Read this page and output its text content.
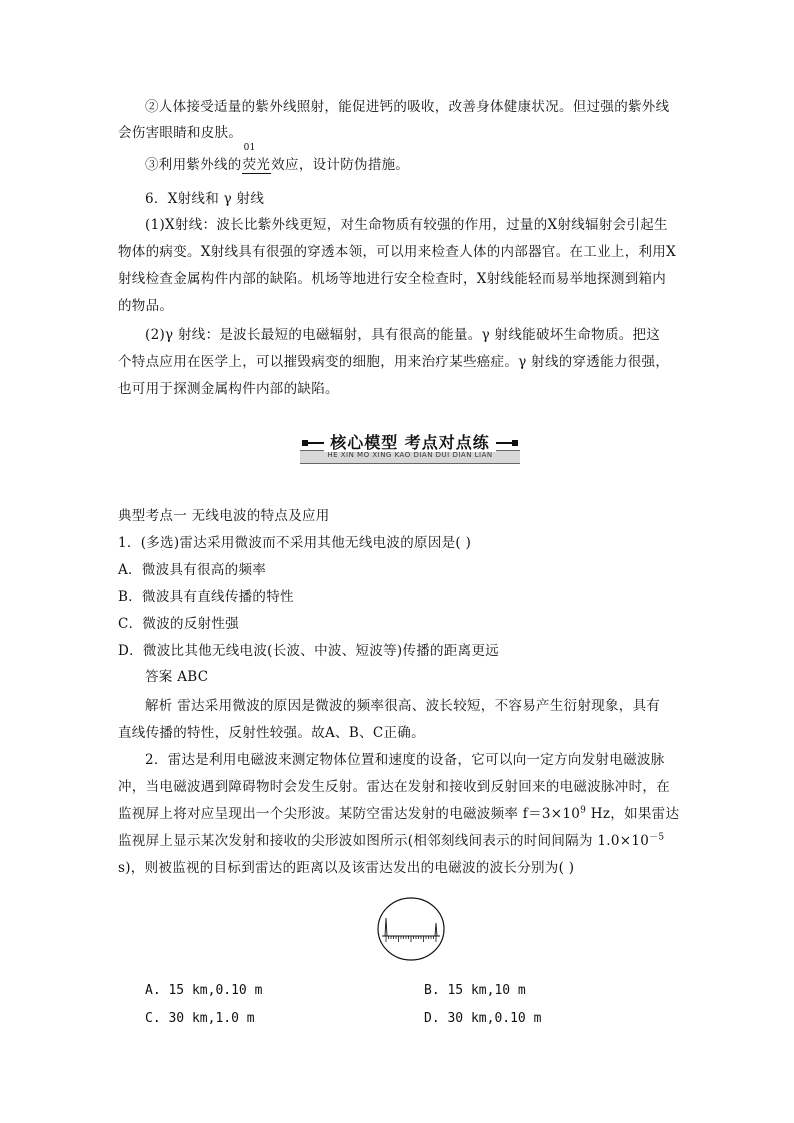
②人体接受适量的紫外线照射，能促进钙的吸收，改善身体健康状况。但过强的紫外线
会伤害眼睛和皮肤。
③利用紫外线的
01
荧光效应，设计防伪措施。
6．X射线和 γ 射线
(1)X射线：波长比紫外线更短，对生命物质有较强的作用，过量的X射线辐射会引起生
物体的病变。X射线具有很强的穿透本领，可以用来检查人体的内部器官。在工业上，利用X
射线检查金属构件内部的缺陷。机场等地进行安全检查时，X射线能轻而易举地探测到箱内
的物品。
(2)γ 射线：是波长最短的电磁辐射，具有很高的能量。γ 射线能破坏生命物质。把这
个特点应用在医学上，可以摧毁病变的细胞，用来治疗某些癌症。γ 射线的穿透能力很强，
也可用于探测金属构件内部的缺陷。
核心模型 考点对点练
HE XIN MO XING KAO DIAN DUI DIAN LIAN
典型考点一 无线电波的特点及应用
1．(多选)雷达采用微波而不采用其他无线电波的原因是( )
A．微波具有很高的频率
B．微波具有直线传播的特性
C．微波的反射性强
D．微波比其他无线电波(长波、中波、短波等)传播的距离更远
答案 ABC
解析 雷达采用微波的原因是微波的频率很高、波长较短，不容易产生衍射现象，具有
直线传播的特性，反射性较强。故A、B、C正确。
2．雷达是利用电磁波来测定物体位置和速度的设备，它可以向一定方向发射电磁波脉
冲，当电磁波遇到障碍物时会发生反射。雷达在发射和接收到反射回来的电磁波脉冲时，在
监视屏上将对应呈现出一个尖形波。某防空雷达发射的电磁波频率 $f=3\times 10^9$ Hz，如果雷达
监视屏上显示某次发射和接收的尖形波如图所示(相邻刻线间表示的时间间隔为 $1.0\times 10^{-5}$
s)，则被监视的目标到雷达的距离以及该雷达发出的电磁波的波长分别为( )
A. 15 km,0.10 m	B. 15 km,10 m
C. 30 km,1.0 m	D. 30 km,0.10 m
